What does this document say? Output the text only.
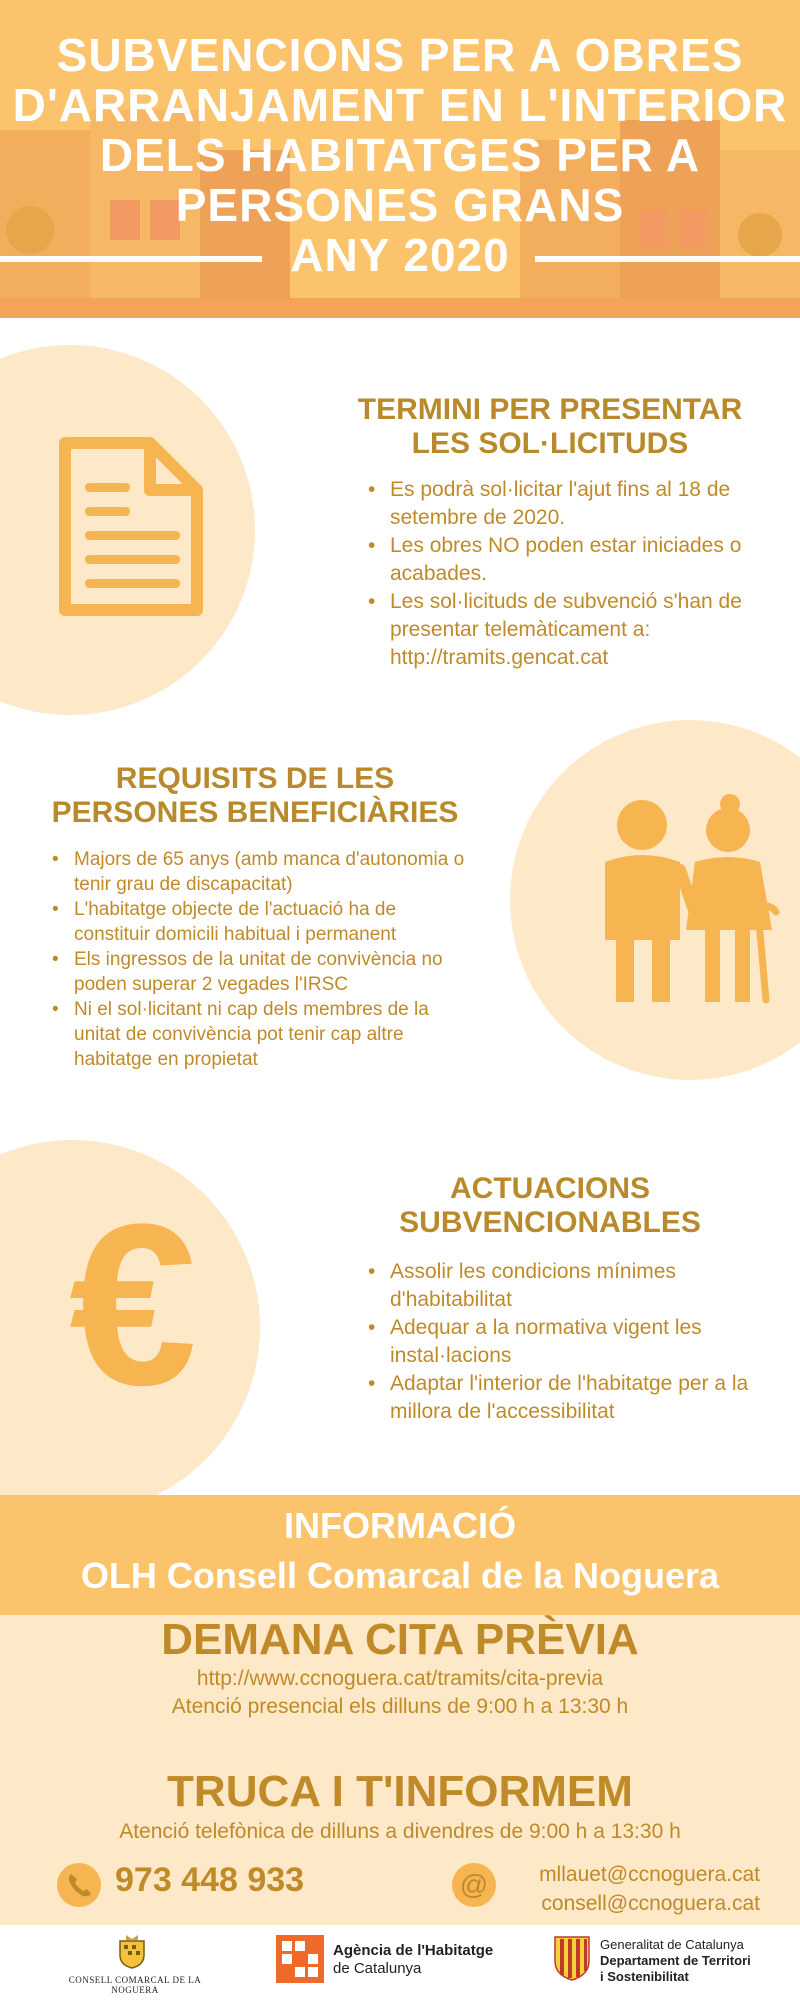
SUBVENCIONS PER A OBRES
D'ARRANJAMENT EN L'INTERIOR
DELS HABITATGES PER A
PERSONES GRANS
ANY 2020
TERMINI PER PRESENTAR
LES SOL·LICITUDS
• Es podrà sol·licitar l'ajut fins al 18 de setembre de 2020.
• Les obres NO poden estar iniciades o acabades.
• Les sol·licituds de subvenció s'han de presentar telemàticament a: http://tramits.gencat.cat
REQUISITS DE LES
PERSONES BENEFICIÀRIES
• Majors de 65 anys (amb manca d'autonomia o tenir grau de discapacitat)
• L'habitatge objecte de l'actuació ha de constituir domicili habitual i permanent
• Els ingressos de la unitat de convivència no poden superar 2 vegades l'IRSC
• Ni el sol·licitant ni cap dels membres de la unitat de convivència pot tenir cap altre habitatge en propietat
€	ACTUACIONS
SUBVENCIONABLES
• Assolir les condicions mínimes d'habitabilitat
• Adequar a la normativa vigent les instal·lacions
• Adaptar l'interior de l'habitatge per a la millora de l'accessibilitat
INFORMACIÓ
OLH Consell Comarcal de la Noguera
DEMANA CITA PRÈVIA
http://www.ccnoguera.cat/tramits/cita-previa
Atenció presencial els dilluns de 9:00 h a 13:30 h
TRUCA I T'INFORMEM
Atenció telefònica de dilluns a divendres de 9:00 h a 13:30 h
973 448 933	@	mllauet@ccnoguera.cat
consell@ccnoguera.cat
CONSELL COMARCAL DE LA NOGUERA
Agència de l'Habitatge
de Catalunya
Generalitat de Catalunya
Departament de Territori
i Sostenibilitat
